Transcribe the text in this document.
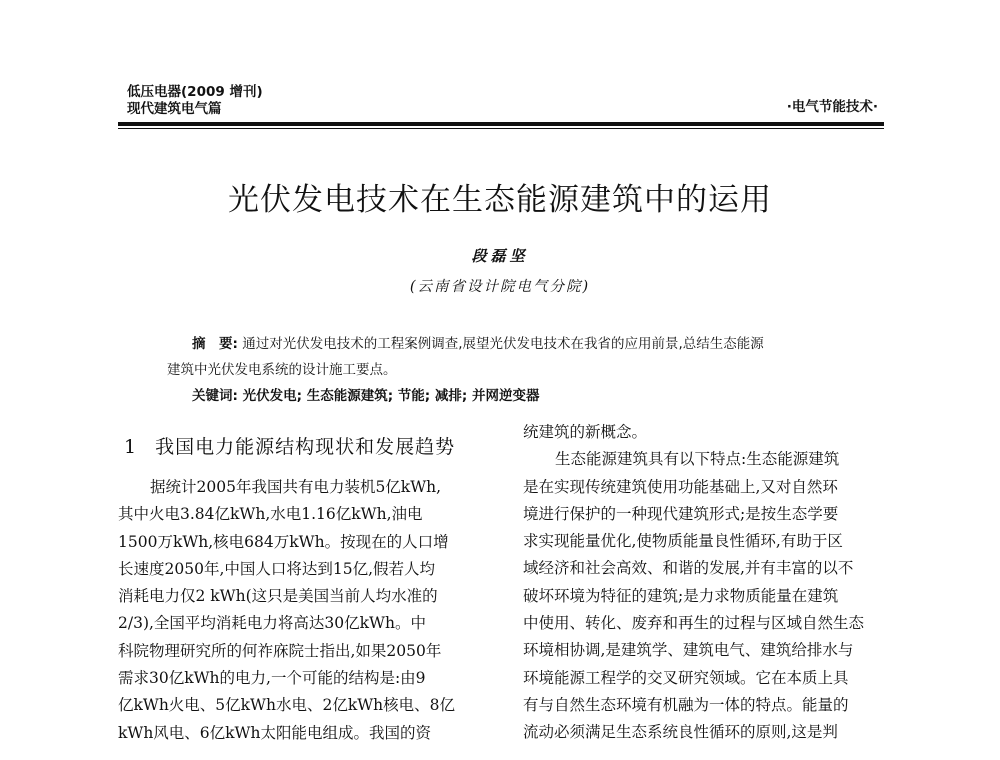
低压电器(2009 增刊)
现代建筑电气篇	·电气节能技术·
光伏发电技术在生态能源建筑中的运用
段磊坚
(云南省设计院电气分院)
摘　要: 通过对光伏发电技术的工程案例调查,展望光伏发电技术在我省的应用前景,总结生态能源
建筑中光伏发电系统的设计施工要点。
关键词: 光伏发电; 生态能源建筑; 节能; 减排; 并网逆变器
1 我国电力能源结构现状和发展趋势
据统计2005年我国共有电力装机5亿kWh,
其中火电3.84亿kWh,水电1.16亿kWh,油电
1500万kWh,核电684万kWh。按现在的人口增
长速度2050年,中国人口将达到15亿,假若人均
消耗电力仅2 kWh(这只是美国当前人均水准的
2/3),全国平均消耗电力将高达30亿kWh。中
科院物理研究所的何祚庥院士指出,如果2050年
需求30亿kWh的电力,一个可能的结构是:由9
亿kWh火电、5亿kWh水电、2亿kWh核电、8亿
kWh风电、6亿kWh太阳能电组成。我国的资
统建筑的新概念。
生态能源建筑具有以下特点:生态能源建筑
是在实现传统建筑使用功能基础上,又对自然环
境进行保护的一种现代建筑形式;是按生态学要
求实现能量优化,使物质能量良性循环,有助于区
域经济和社会高效、和谐的发展,并有丰富的以不
破坏环境为特征的建筑;是力求物质能量在建筑
中使用、转化、废弃和再生的过程与区域自然生态
环境相协调,是建筑学、建筑电气、建筑给排水与
环境能源工程学的交叉研究领域。它在本质上具
有与自然生态环境有机融为一体的特点。能量的
流动必须满足生态系统良性循环的原则,这是判
